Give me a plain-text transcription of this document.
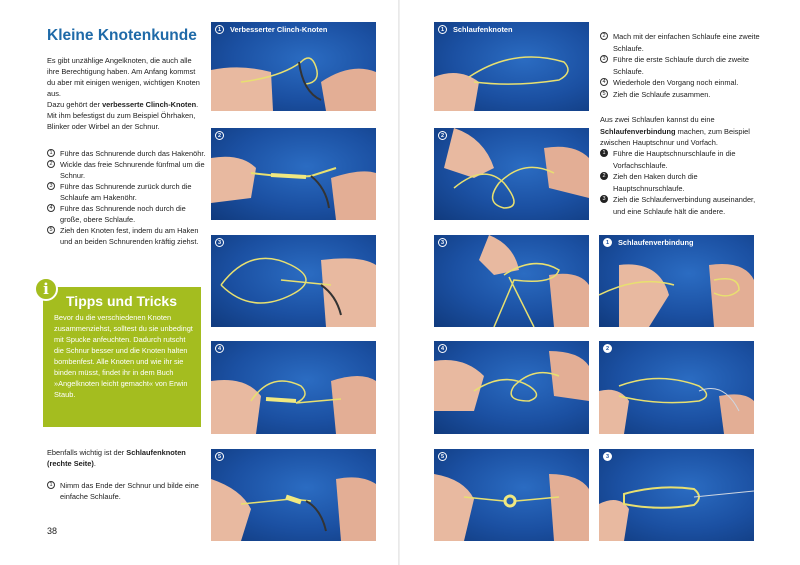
Kleine Knotenkunde
Es gibt unzählige Angelknoten, die auch alle ihre Berechtigung haben. Am Anfang kommst du aber mit einigen wenigen, wichtigen Knoten aus.
Dazu gehört der verbesserte Clinch-Knoten. Mit ihm befestigst du zum Beispiel Öhrhaken, Blinker oder Wirbel an der Schnur.
1	Führe das Schnurende durch das Hakenöhr.
2	Wickle das freie Schnurende fünfmal um die Schnur.
3	Führe das Schnurende zurück durch die Schlaufe am Hakenöhr.
4	Führe das Schnurende noch durch die große, obere Schlaufe.
5	Zieh den Knoten fest, indem du am Haken und an beiden Schnurenden kräftig ziehst.
i
Tipps und Tricks
Bevor du die verschiedenen Knoten zusammenziehst, solltest du sie unbedingt mit Spucke anfeuchten. Dadurch rutscht die Schnur besser und die Knoten halten bombenfest. Alle Knoten und wie ihr sie binden müsst, findet ihr in dem Buch »Angelknoten leicht gemacht« von Erwin Staub.
Ebenfalls wichtig ist der Schlaufenknoten (rechte Seite).
1	Nimm das Ende der Schnur und bilde eine einfache Schlaufe.
38
1 Verbesserter Clinch-Knoten
2
3
4
5
1 Schlaufenknoten
2
3
4
5
1 Schlaufenverbindung
2
3
2	Mach mit der einfachen Schlaufe eine zweite Schlaufe.
3	Führe die erste Schlaufe durch die zweite Schlaufe.
4	Wiederhole den Vorgang noch einmal.
5	Zieh die Schlaufe zusammen.
Aus zwei Schlaufen kannst du eine Schlaufenverbindung machen, zum Beispiel zwischen Hauptschnur und Vorfach.
1	Führe die Hauptschnurschlaufe in die Vorfachschlaufe.
2	Zieh den Haken durch die Hauptschnurschlaufe.
3	Zieh die Schlaufenverbindung auseinander, und eine Schlaufe hält die andere.
